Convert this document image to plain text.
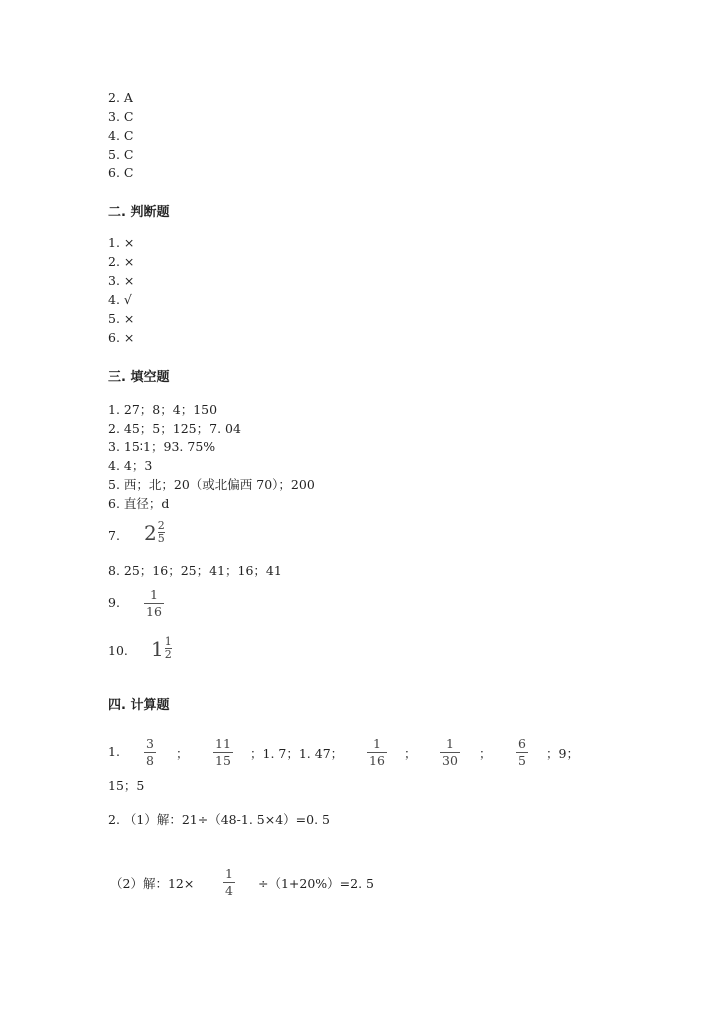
2. A
3. C
4. C
5. C
6. C
二. 判断题
1. ×
2. ×
3. ×
4. √
5. ×
6. ×
三. 填空题
1. 27；8；4；150
2. 45；5；125；7. 04
3. 15∶1；93. 75%
4. 4；3
5. 西；北；20（或北偏西 70）；200
6. 直径；d
7. 2 2
5
8. 25；16；25；41；16；41
9.
1
16
10. 1 1
2
四. 计算题
1.
3
8 ；
11
15 ；1. 7；1. 47；
1
16 ；
1
30 ；
6
5 ；9；
15；5
2. （1）解：21÷（48-1. 5×4）=0. 5
（2）解：12×
1
4 ÷（1+20%）=2. 5
